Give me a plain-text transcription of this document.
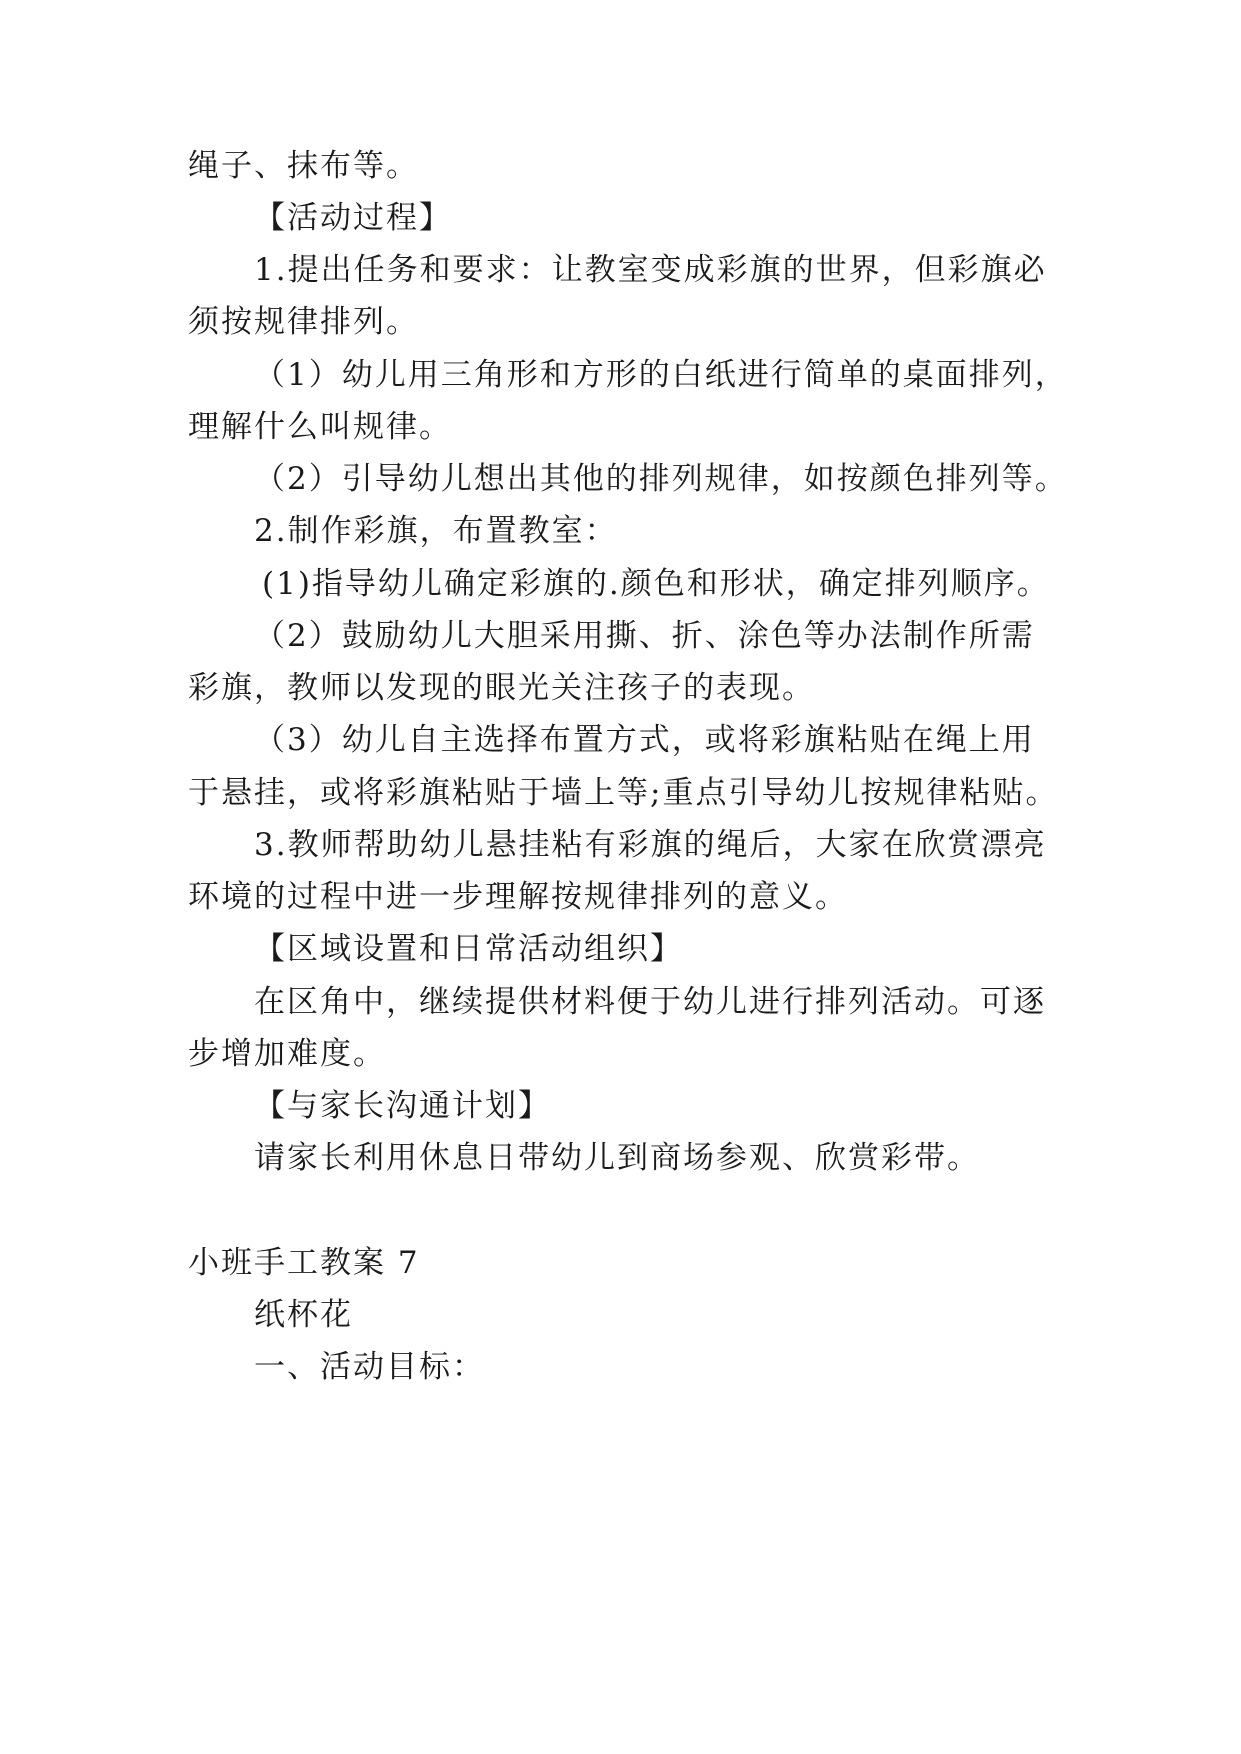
绳子、抹布等。
【活动过程】
1.提出任务和要求：让教室变成彩旗的世界，但彩旗必
须按规律排列。
（1）幼儿用三角形和方形的白纸进行简单的桌面排列，
理解什么叫规律。
（2）引导幼儿想出其他的排列规律，如按颜色排列等。
2.制作彩旗，布置教室：
(1)指导幼儿确定彩旗的.颜色和形状，确定排列顺序。
（2）鼓励幼儿大胆采用撕、折、涂色等办法制作所需
彩旗，教师以发现的眼光关注孩子的表现。
（3）幼儿自主选择布置方式，或将彩旗粘贴在绳上用
于悬挂，或将彩旗粘贴于墙上等;重点引导幼儿按规律粘贴。
3.教师帮助幼儿悬挂粘有彩旗的绳后，大家在欣赏漂亮
环境的过程中进一步理解按规律排列的意义。
【区域设置和日常活动组织】
在区角中，继续提供材料便于幼儿进行排列活动。可逐
步增加难度。
【与家长沟通计划】
请家长利用休息日带幼儿到商场参观、欣赏彩带。
小班手工教案 7
纸杯花
一、活动目标：
